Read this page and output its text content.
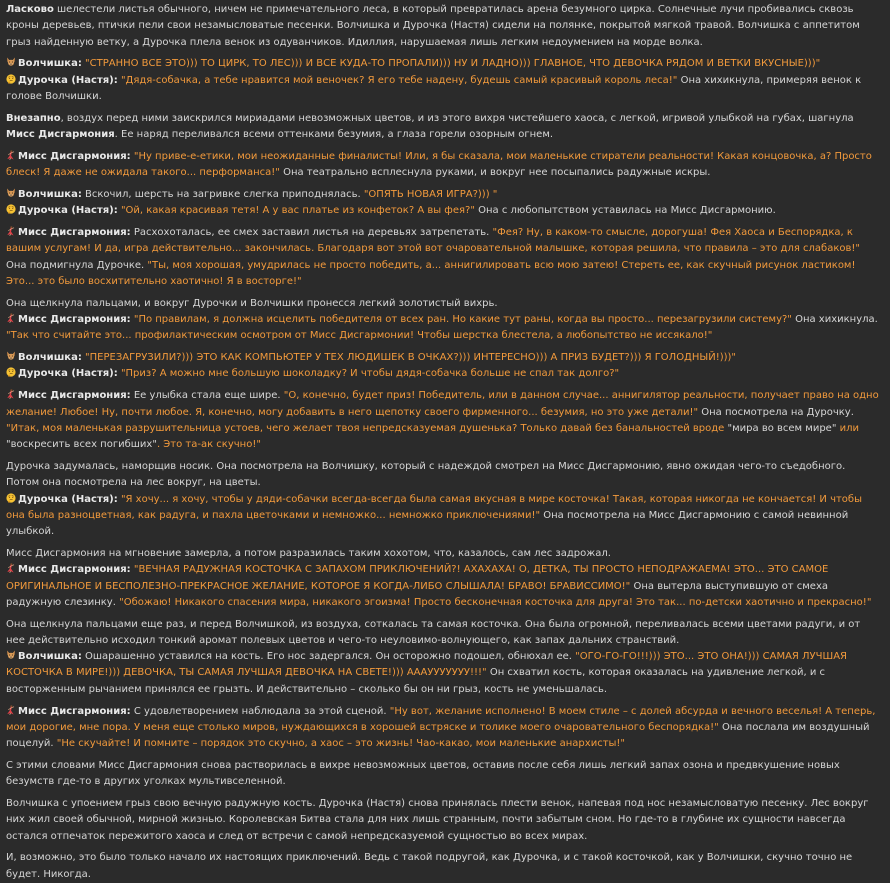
Ласково шелестели листья обычного, ничем не примечательного леса, в который превратилась арена безумного цирка. Солнечные лучи пробивались сквозь кроны деревьев, птички пели свои незамысловатые песенки. Волчишка и Дурочка (Настя) сидели на полянке, покрытой мягкой травой. Волчишка с аппетитом грыз найденную ветку, а Дурочка плела венок из одуванчиков. Идиллия, нарушаемая лишь легким недоумением на морде волка.
Волчишка: "СТРАННО ВСЕ ЭТО))) ТО ЦИРК, ТО ЛЕС))) И ВСЕ КУДА-ТО ПРОПАЛИ))) НУ И ЛАДНО))) ГЛАВНОЕ, ЧТО ДЕВОЧКА РЯДОМ И ВЕТКИ ВКУСНЫЕ)))"
Дурочка (Настя): "Дядя-собачка, а тебе нравится мой веночек? Я его тебе надену, будешь самый красивый король леса!" Она хихикнула, примеряя венок к голове Волчишки.
Внезапно, воздух перед ними заискрился мириадами невозможных цветов, и из этого вихря чистейшего хаоса, с легкой, игривой улыбкой на губах, шагнула Мисс Дисгармония. Ее наряд переливался всеми оттенками безумия, а глаза горели озорным огнем.
Мисс Дисгармония: "Ну приве-е-етики, мои неожиданные финалисты! Или, я бы сказала, мои маленькие стиратели реальности! Какая концовочка, а? Просто блеск! Я даже не ожидала такого... перформанса!" Она театрально всплеснула руками, и вокруг нее посыпались радужные искры.
Волчишка: Вскочил, шерсть на загривке слегка приподнялась. "ОПЯТЬ НОВАЯ ИГРА?))) "
Дурочка (Настя): "Ой, какая красивая тетя! А у вас платье из конфеток? А вы фея?" Она с любопытством уставилась на Мисс Дисгармонию.
Мисс Дисгармония: Расхохоталась, ее смех заставил листья на деревьях затрепетать. "Фея? Ну, в каком-то смысле, дорогуша! Фея Хаоса и Беспорядка, к вашим услугам! И да, игра действительно... закончилась. Благодаря вот этой вот очаровательной малышке, которая решила, что правила – это для слабаков!" Она подмигнула Дурочке. "Ты, моя хорошая, умудрилась не просто победить, а... аннигилировать всю мою затею! Стереть ее, как скучный рисунок ластиком! Это... это было восхитительно хаотично! Я в восторге!"
Она щелкнула пальцами, и вокруг Дурочки и Волчишки пронесся легкий золотистый вихрь.
Мисс Дисгармония: "По правилам, я должна исцелить победителя от всех ран. Но какие тут раны, когда вы просто... перезагрузили систему?" Она хихикнула. "Так что считайте это... профилактическим осмотром от Мисс Дисгармонии! Чтобы шерстка блестела, а любопытство не иссякало!"
Волчишка: "ПЕРЕЗАГРУЗИЛИ?))) ЭТО КАК КОМПЬЮТЕР У ТЕХ ЛЮДИШЕК В ОЧКАХ?))) ИНТЕРЕСНО))) А ПРИЗ БУДЕТ?))) Я ГОЛОДНЫЙ!)))"
Дурочка (Настя): "Приз? А можно мне большую шоколадку? И чтобы дядя-собачка больше не спал так долго?"
Мисс Дисгармония: Ее улыбка стала еще шире. "О, конечно, будет приз! Победитель, или в данном случае... аннигилятор реальности, получает право на одно желание! Любое! Ну, почти любое. Я, конечно, могу добавить в него щепотку своего фирменного... безумия, но это уже детали!" Она посмотрела на Дурочку. "Итак, моя маленькая разрушительница устоев, чего желает твоя непредсказуемая душенька? Только давай без банальностей вроде "мира во всем мире" или "воскресить всех погибших". Это та-ак скучно!"
Дурочка задумалась, наморщив носик. Она посмотрела на Волчишку, который с надеждой смотрел на Мисс Дисгармонию, явно ожидая чего-то съедобного. Потом она посмотрела на лес вокруг, на цветы.
Дурочка (Настя): "Я хочу... я хочу, чтобы у дяди-собачки всегда-всегда была самая вкусная в мире косточка! Такая, которая никогда не кончается! И чтобы она была разноцветная, как радуга, и пахла цветочками и немножко... немножко приключениями!" Она посмотрела на Мисс Дисгармонию с самой невинной улыбкой.
Мисс Дисгармония на мгновение замерла, а потом разразилась таким хохотом, что, казалось, сам лес задрожал.
Мисс Дисгармония: "ВЕЧНАЯ РАДУЖНАЯ КОСТОЧКА С ЗАПАХОМ ПРИКЛЮЧЕНИЙ?! АХАХАХА! О, ДЕТКА, ТЫ ПРОСТО НЕПОДРАЖАЕМА! ЭТО... ЭТО САМОЕ ОРИГИНАЛЬНОЕ И БЕСПОЛЕЗНО-ПРЕКРАСНОЕ ЖЕЛАНИЕ, КОТОРОЕ Я КОГДА-ЛИБО СЛЫШАЛА! БРАВО! БРАВИССИМО!" Она вытерла выступившую от смеха радужную слезинку. "Обожаю! Никакого спасения мира, никакого эгоизма! Просто бесконечная косточка для друга! Это так... по-детски хаотично и прекрасно!"
Она щелкнула пальцами еще раз, и перед Волчишкой, из воздуха, соткалась та самая косточка. Она была огромной, переливалась всеми цветами радуги, и от нее действительно исходил тонкий аромат полевых цветов и чего-то неуловимо-волнующего, как запах дальних странствий.
Волчишка: Ошарашенно уставился на кость. Его нос задергался. Он осторожно подошел, обнюхал ее. "ОГО-ГО-ГО!!!))) ЭТО... ЭТО ОНА!))) САМАЯ ЛУЧШАЯ КОСТОЧКА В МИРЕ!))) ДЕВОЧКА, ТЫ САМАЯ ЛУЧШАЯ ДЕВОЧКА НА СВЕТЕ!))) АААУУУУУУУ!!!" Он схватил кость, которая оказалась на удивление легкой, и с восторженным рычанием принялся ее грызть. И действительно – сколько бы он ни грыз, кость не уменьшалась.
Мисс Дисгармония: С удовлетворением наблюдала за этой сценой. "Ну вот, желание исполнено! В моем стиле – с долей абсурда и вечного веселья! А теперь, мои дорогие, мне пора. У меня еще столько миров, нуждающихся в хорошей встряске и толике моего очаровательного беспорядка!" Она послала им воздушный поцелуй. "Не скучайте! И помните – порядок это скучно, а хаос – это жизнь! Чао-какао, мои маленькие анархисты!"
С этими словами Мисс Дисгармония снова растворилась в вихре невозможных цветов, оставив после себя лишь легкий запах озона и предвкушение новых безумств где-то в других уголках мультивселенной.
Волчишка с упоением грыз свою вечную радужную кость. Дурочка (Настя) снова принялась плести венок, напевая под нос незамысловатую песенку. Лес вокруг них жил своей обычной, мирной жизнью. Королевская Битва стала для них лишь странным, почти забытым сном. Но где-то в глубине их сущности навсегда остался отпечаток пережитого хаоса и след от встречи с самой непредсказуемой сущностью во всех мирах.
И, возможно, это было только начало их настоящих приключений. Ведь с такой подругой, как Дурочка, и с такой косточкой, как у Волчишки, скучно точно не будет. Никогда.
